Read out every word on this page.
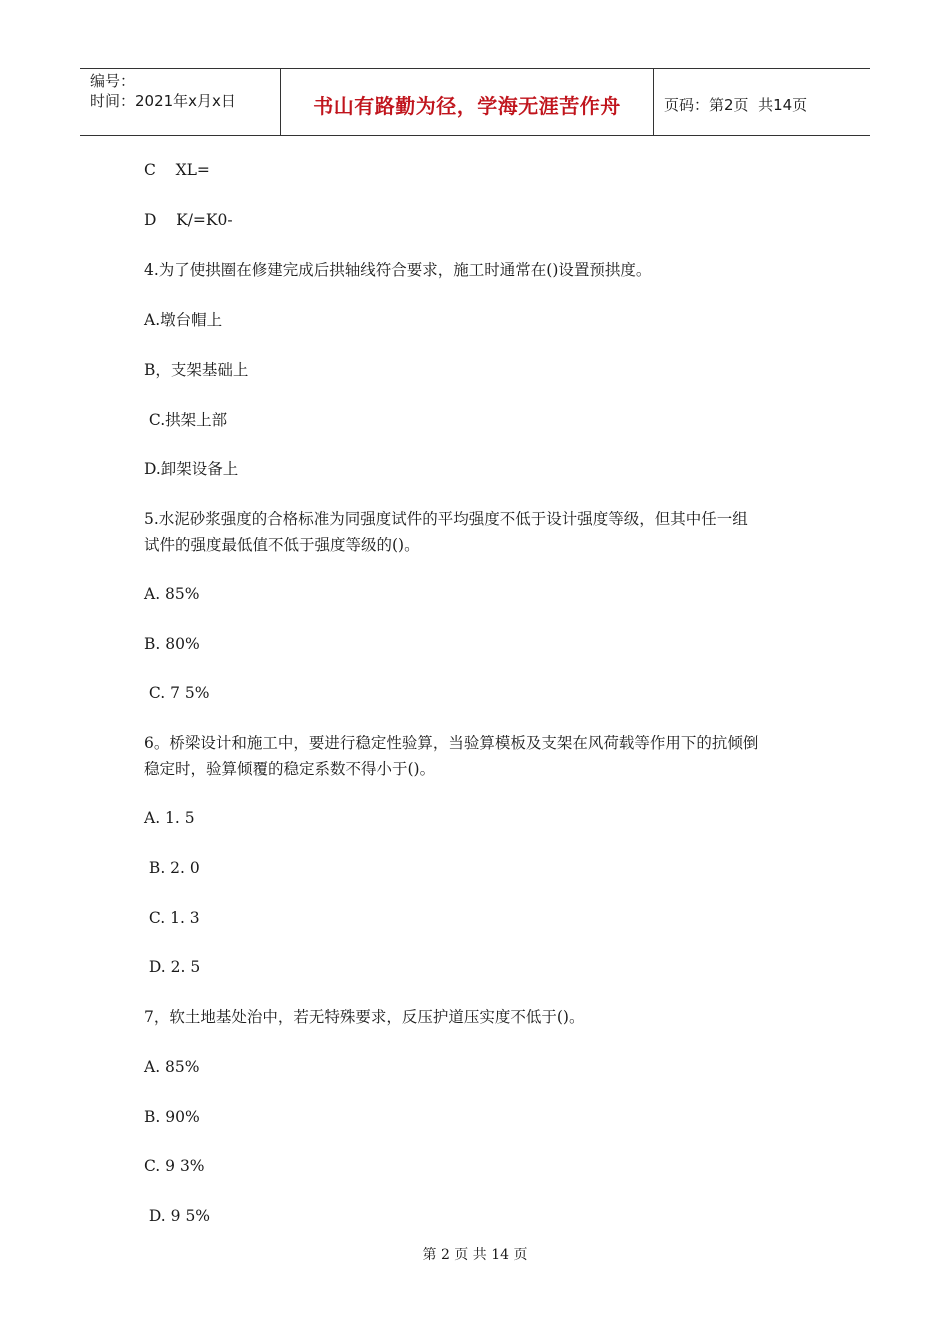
编号：
时间：2021年x月x日	书山有路勤为径，学海无涯苦作舟	页码：第2页  共14页
C    XL=
D    K/=K0-
4.为了使拱圈在修建完成后拱轴线符合要求，施工时通常在()设置预拱度。
A.墩台帽上
B，支架基础上
C.拱架上部
D.卸架设备上
5.水泥砂浆强度的合格标准为同强度试件的平均强度不低于设计强度等级，但其中任一组
试件的强度最低值不低于强度等级的()。
A. 85%
B. 80%
C. 7 5%
6。桥梁设计和施工中，要进行稳定性验算，当验算模板及支架在风荷载等作用下的抗倾倒
稳定时，验算倾覆的稳定系数不得小于()。
A. 1. 5
B. 2. 0
C. 1. 3
D. 2. 5
7，软土地基处治中，若无特殊要求，反压护道压实度不低于()。
A. 85%
B. 90%
C. 9 3%
D. 9 5%
第 2 页 共 14 页
